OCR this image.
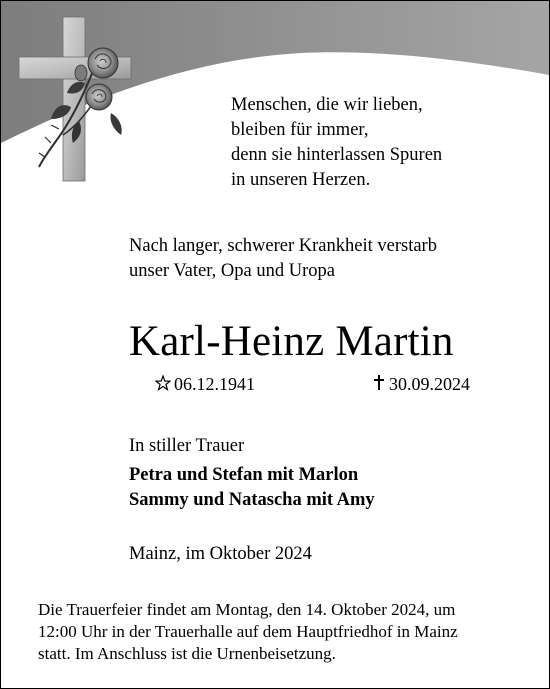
Menschen, die wir lieben,
bleiben für immer,
denn sie hinterlassen Spuren
in unseren Herzen.
Nach langer, schwerer Krankheit verstarb
unser Vater, Opa und Uropa
Karl-Heinz Martin
06.12.1941	30.09.2024
In stiller Trauer
Petra und Stefan mit Marlon
Sammy und Natascha mit Amy
Mainz, im Oktober 2024
Die Trauerfeier findet am Montag, den 14. Oktober 2024, um
12:00 Uhr in der Trauerhalle auf dem Hauptfriedhof in Mainz
statt. Im Anschluss ist die Urnenbeisetzung.
